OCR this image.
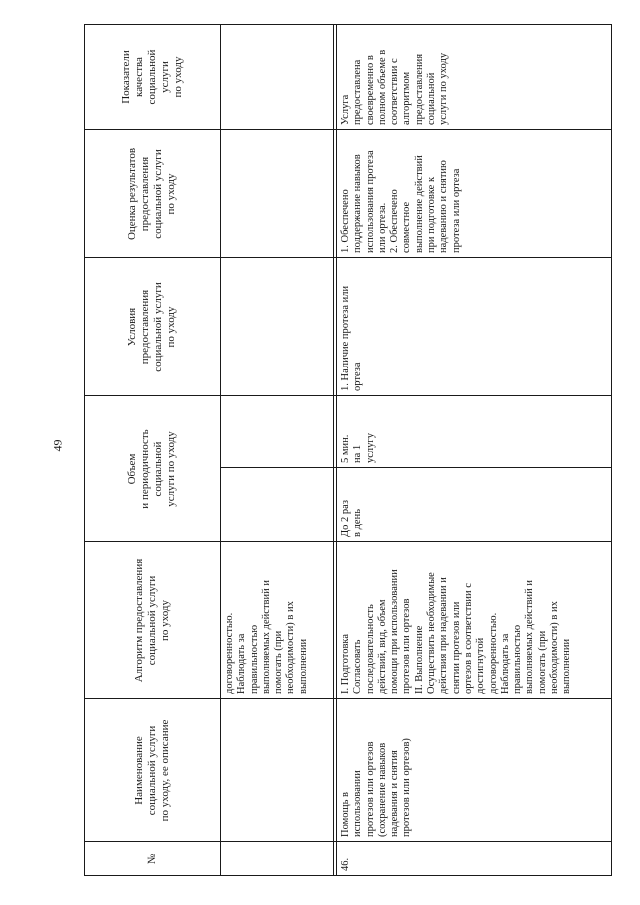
49
№
Наименование
социальной услуги
по уходу, ее описание
Алгоритм предоставления
социальной услуги
по уходу
Объем
и периодичность
социальной
услуги по уходу
Условия
предоставления
социальной услуги
по уходу
Оценка результатов
предоставления
социальной услуги
по уходу
Показатели
качества
социальной
услуги
по уходу
договоренностью.
Наблюдать за
правильностью
выполняемых действий и
помогать (при
необходимости) в их
выполнении
46.
Помощь в
использовании
протезов или ортезов
(сохранение навыков
надевания и снятия
протезов или ортезов)
I. Подготовка
Согласовать
последовательность
действий, вид, объем
помощи при использовании
протезов или ортезов
II. Выполнение
Осуществить необходимые
действия при надевании и
снятии протезов или
ортезов в соответствии с
достигнутой
договоренностью.
Наблюдать за
правильностью
выполняемых действий и
помогать (при
необходимости) в их
выполнении
До 2 раз
в день
5 мин.
на 1
услугу
1. Наличие протеза или
ортеза
1. Обеспечено
поддержание навыков
использования протеза
или ортеза.
2. Обеспечено
совместное
выполнение действий
при подготовке к
надеванию и снятию
протеза или ортеза
Услуга
предоставлена
своевременно в
полном объеме в
соответствии с
алгоритмом
предоставления
социальной
услуги по уходу
